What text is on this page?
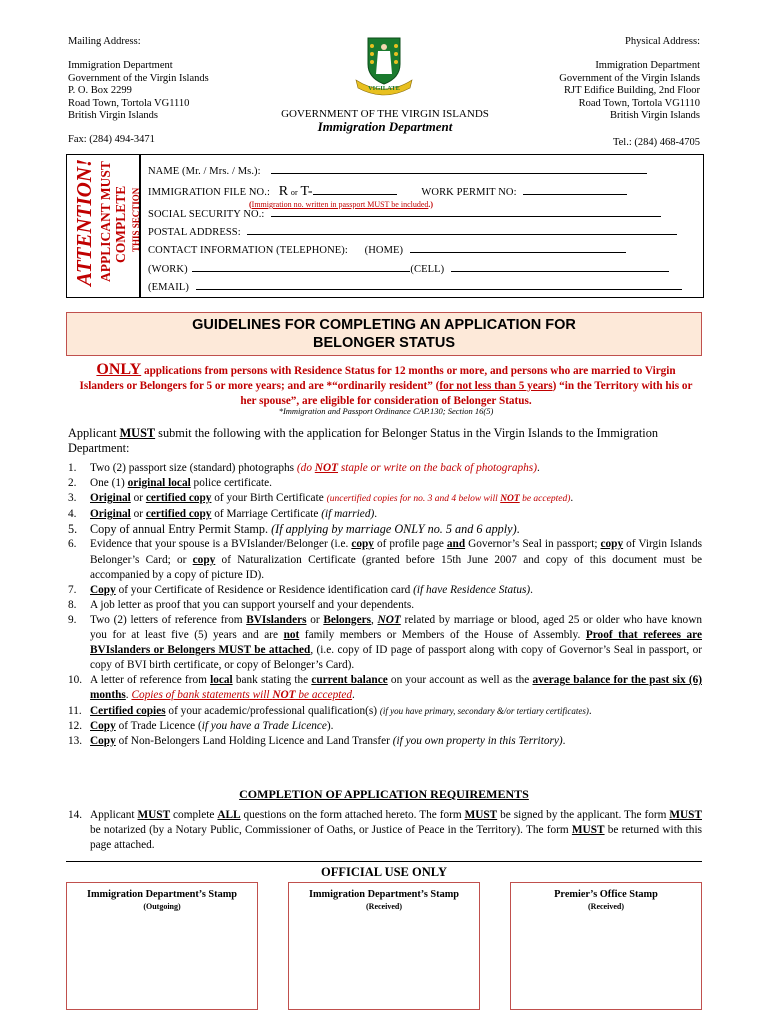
Mailing Address:
Immigration Department
Government of the Virgin Islands
P. O. Box 2299
Road Town, Tortola VG1110
British Virgin Islands
Fax: (284) 494-3471
Physical Address:
Immigration Department
Government of the Virgin Islands
RJT Edifice Building, 2nd Floor
Road Town, Tortola VG1110
British Virgin Islands
Tel.: (284) 468-4705
VIGILATE
GOVERNMENT OF THE VIRGIN ISLANDS
Immigration Department
ATTENTION! APPLICANT MUST COMPLETE THIS SECTION
NAME (Mr. / Mrs. / Ms.):
IMMIGRATION FILE NO.: R or T-	WORK PERMIT NO:
(Immigration no. written in passport MUST be included.)
SOCIAL SECURITY NO.:
POSTAL ADDRESS:
CONTACT INFORMATION (TELEPHONE): (HOME)
(WORK)	(CELL)
(EMAIL)
GUIDELINES FOR COMPLETING AN APPLICATION FOR
BELONGER STATUS
ONLY applications from persons with Residence Status for 12 months or more, and persons who are married to Virgin Islanders or Belongers for 5 or more years; and are *“ordinarily resident” (for not less than 5 years) “in the Territory with his or her spouse”, are eligible for consideration of Belonger Status.
*Immigration and Passport Ordinance CAP.130; Section 16(5)
Applicant MUST submit the following with the application for Belonger Status in the Virgin Islands to the Immigration Department:
1.	Two (2) passport size (standard) photographs (do NOT staple or write on the back of photographs).
2.	One (1) original local police certificate.
3.	Original or certified copy of your Birth Certificate (uncertified copies for no. 3 and 4 below will NOT be accepted).
4.	Original or certified copy of Marriage Certificate (if married).
5.	Copy of annual Entry Permit Stamp. (If applying by marriage ONLY no. 5 and 6 apply).
6.	Evidence that your spouse is a BVIslander/Belonger (i.e. copy of profile page and Governor’s Seal in passport; copy of Virgin Islands Belonger’s Card; or copy of Naturalization Certificate (granted before 15th June 2007 and copy of this document must be accompanied by a copy of picture ID).
7.	Copy of your Certificate of Residence or Residence identification card (if have Residence Status).
8.	A job letter as proof that you can support yourself and your dependents.
9.	Two (2) letters of reference from BVIslanders or Belongers, NOT related by marriage or blood, aged 25 or older who have known you for at least five (5) years and are not family members or Members of the House of Assembly. Proof that referees are BVIslanders or Belongers MUST be attached, (i.e. copy of ID page of passport along with copy of Governor’s Seal in passport, or copy of BVI birth certificate, or copy of Belonger’s Card).
10. A letter of reference from local bank stating the current balance on your account as well as the average balance for the past six (6) months. Copies of bank statements will NOT be accepted.
11. Certified copies of your academic/professional qualification(s) (if you have primary, secondary &/or tertiary certificates).
12. Copy of Trade Licence (if you have a Trade Licence).
13. Copy of Non-Belongers Land Holding Licence and Land Transfer (if you own property in this Territory).
COMPLETION OF APPLICATION REQUIREMENTS
14. Applicant MUST complete ALL questions on the form attached hereto. The form MUST be signed by the applicant. The form MUST be notarized (by a Notary Public, Commissioner of Oaths, or Justice of Peace in the Territory). The form MUST be returned with this page attached.
OFFICIAL USE ONLY
Immigration Department’s Stamp
(Outgoing)
Immigration Department’s Stamp
(Received)
Premier’s Office Stamp
(Received)
